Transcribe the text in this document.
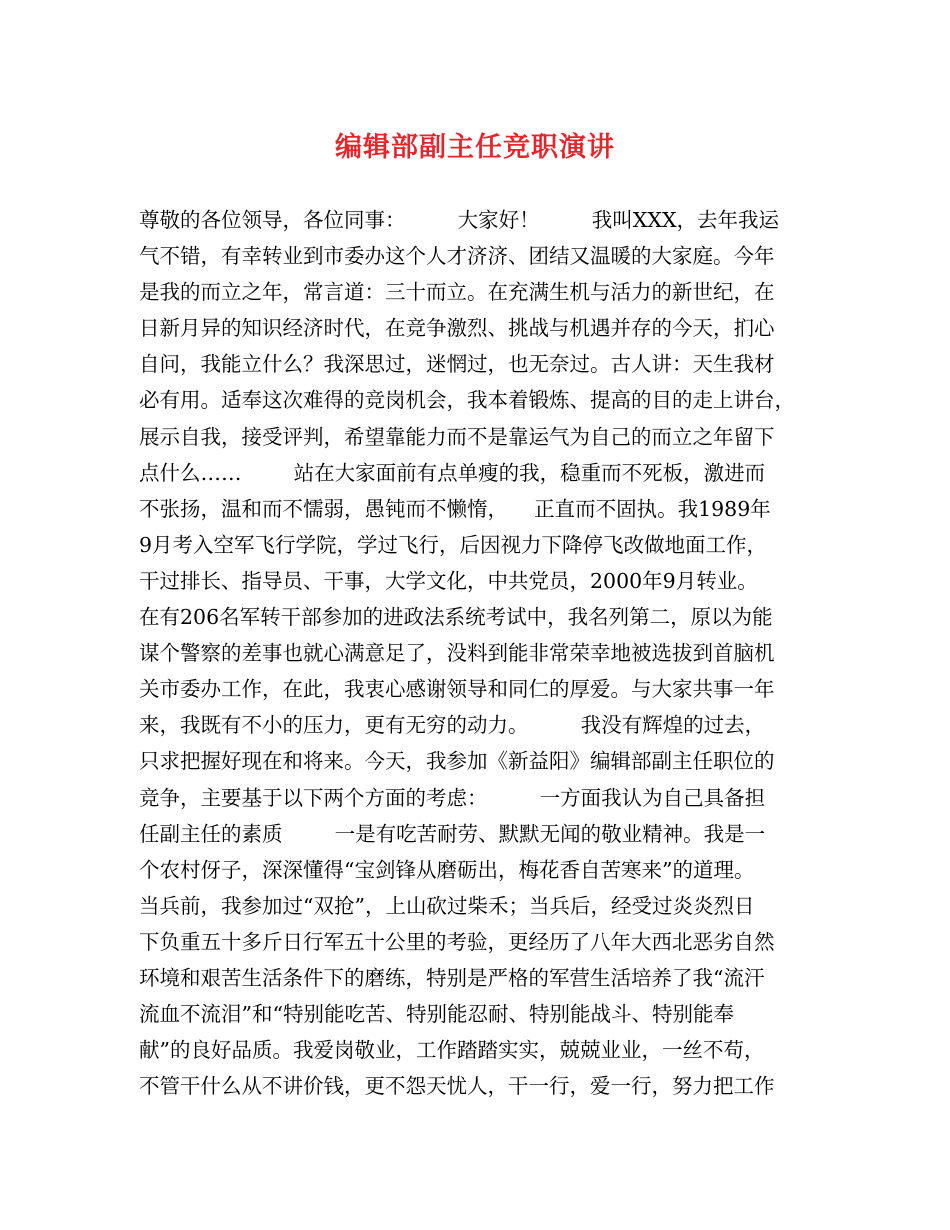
编辑部副主任竞职演讲
尊敬的各位领导，各位同事：        大家好！        我叫XXX，去年我运
气不错，有幸转业到市委办这个人才济济、团结又温暖的大家庭。今年
是我的而立之年，常言道：三十而立。在充满生机与活力的新世纪，在
日新月异的知识经济时代，在竞争激烈、挑战与机遇并存的今天，扪心
自问，我能立什么？我深思过，迷惘过，也无奈过。古人讲：天生我材
必有用。适奉这次难得的竞岗机会，我本着锻炼、提高的目的走上讲台，
展示自我，接受评判，希望靠能力而不是靠运气为自己的而立之年留下
点什么……        站在大家面前有点单瘦的我，稳重而不死板，激进而
不张扬，温和而不懦弱，愚钝而不懒惰，    正直而不固执。我1989年
9月考入空军飞行学院，学过飞行，后因视力下降停飞改做地面工作，
干过排长、指导员、干事，大学文化，中共党员，2000年9月转业。
在有206名军转干部参加的进政法系统考试中，我名列第二，原以为能
谋个警察的差事也就心满意足了，没料到能非常荣幸地被选拔到首脑机
关市委办工作，在此，我衷心感谢领导和同仁的厚爱。与大家共事一年
来，我既有不小的压力，更有无穷的动力。        我没有辉煌的过去，
只求把握好现在和将来。今天，我参加《新益阳》编辑部副主任职位的
竞争，主要基于以下两个方面的考虑：        一方面我认为自己具备担
任副主任的素质        一是有吃苦耐劳、默默无闻的敬业精神。我是一
个农村伢子，深深懂得“宝剑锋从磨砺出，梅花香自苦寒来”的道理。
当兵前，我参加过“双抢”，上山砍过柴禾；当兵后，经受过炎炎烈日
下负重五十多斤日行军五十公里的考验，更经历了八年大西北恶劣自然
环境和艰苦生活条件下的磨练，特别是严格的军营生活培养了我“流汗
流血不流泪”和“特别能吃苦、特别能忍耐、特别能战斗、特别能奉
献”的良好品质。我爱岗敬业，工作踏踏实实，兢兢业业，一丝不苟，
不管干什么从不讲价钱，更不怨天忧人，干一行，爱一行，努力把工作
